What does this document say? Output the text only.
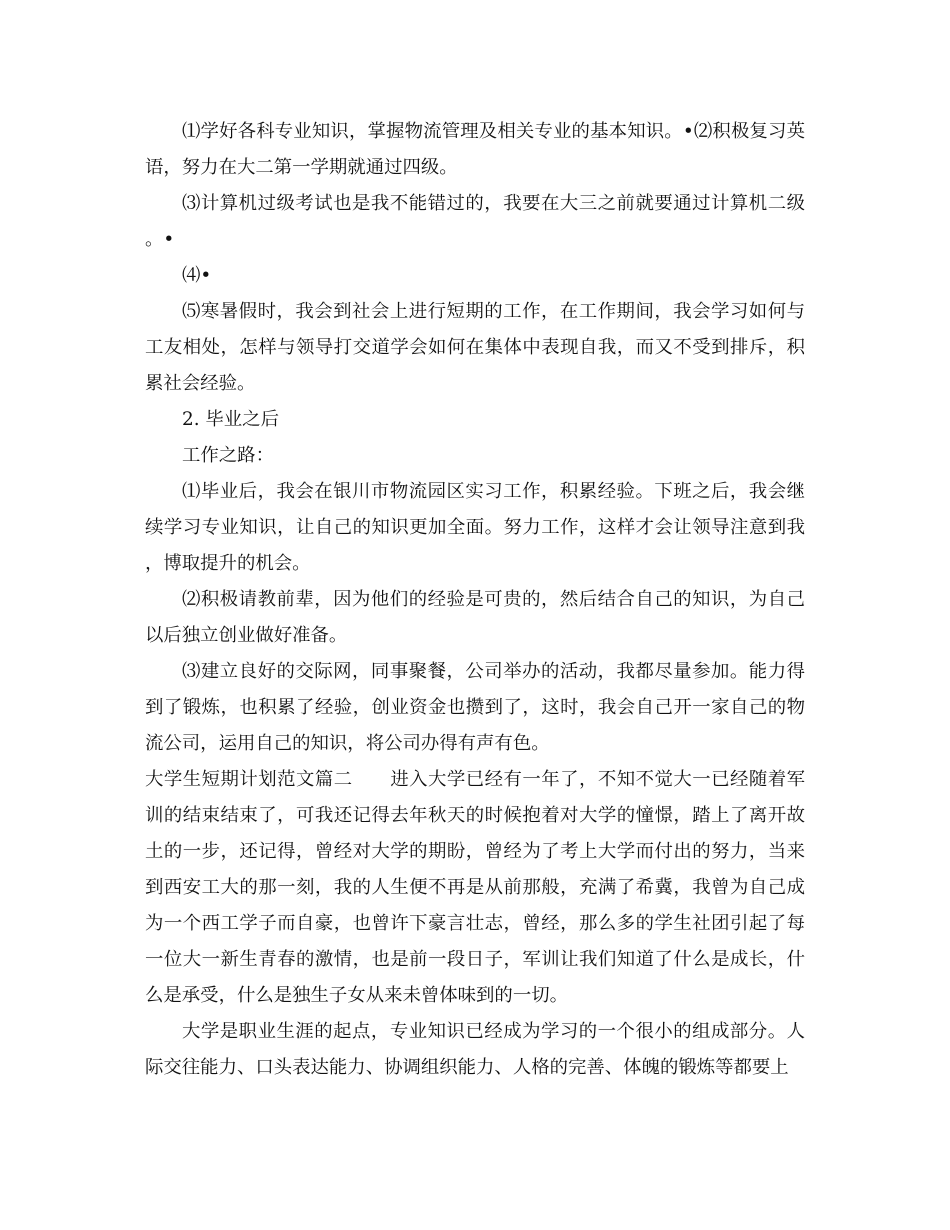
⑴学好各科专业知识，掌握物流管理及相关专业的基本知识。•⑵积极复习英语，努力在大二第一学期就通过四级。

⑶计算机过级考试也是我不能错过的，我要在大三之前就要通过计算机二级。•

⑷•

⑸寒暑假时，我会到社会上进行短期的工作，在工作期间，我会学习如何与工友相处，怎样与领导打交道学会如何在集体中表现自我，而又不受到排斥，积累社会经验。

2. 毕业之后

工作之路：

⑴毕业后，我会在银川市物流园区实习工作，积累经验。下班之后，我会继续学习专业知识，让自己的知识更加全面。努力工作，这样才会让领导注意到我，博取提升的机会。

⑵积极请教前辈，因为他们的经验是可贵的，然后结合自己的知识，为自己以后独立创业做好准备。

⑶建立良好的交际网，同事聚餐，公司举办的活动，我都尽量参加。能力得到了锻炼，也积累了经验，创业资金也攒到了，这时，我会自己开一家自己的物流公司，运用自己的知识，将公司办得有声有色。

大学生短期计划范文篇二　　进入大学已经有一年了，不知不觉大一已经随着军训的结束结束了，可我还记得去年秋天的时候抱着对大学的憧憬，踏上了离开故土的一步，还记得，曾经对大学的期盼，曾经为了考上大学而付出的努力，当来到西安工大的那一刻，我的人生便不再是从前那般，充满了希冀，我曾为自己成为一个西工学子而自豪，也曾许下豪言壮志，曾经，那么多的学生社团引起了每一位大一新生青春的激情，也是前一段日子，军训让我们知道了什么是成长，什么是承受，什么是独生子女从来未曾体味到的一切。

大学是职业生涯的起点，专业知识已经成为学习的一个很小的组成部分。人际交往能力、口头表达能力、协调组织能力、人格的完善、体魄的锻炼等都要上
